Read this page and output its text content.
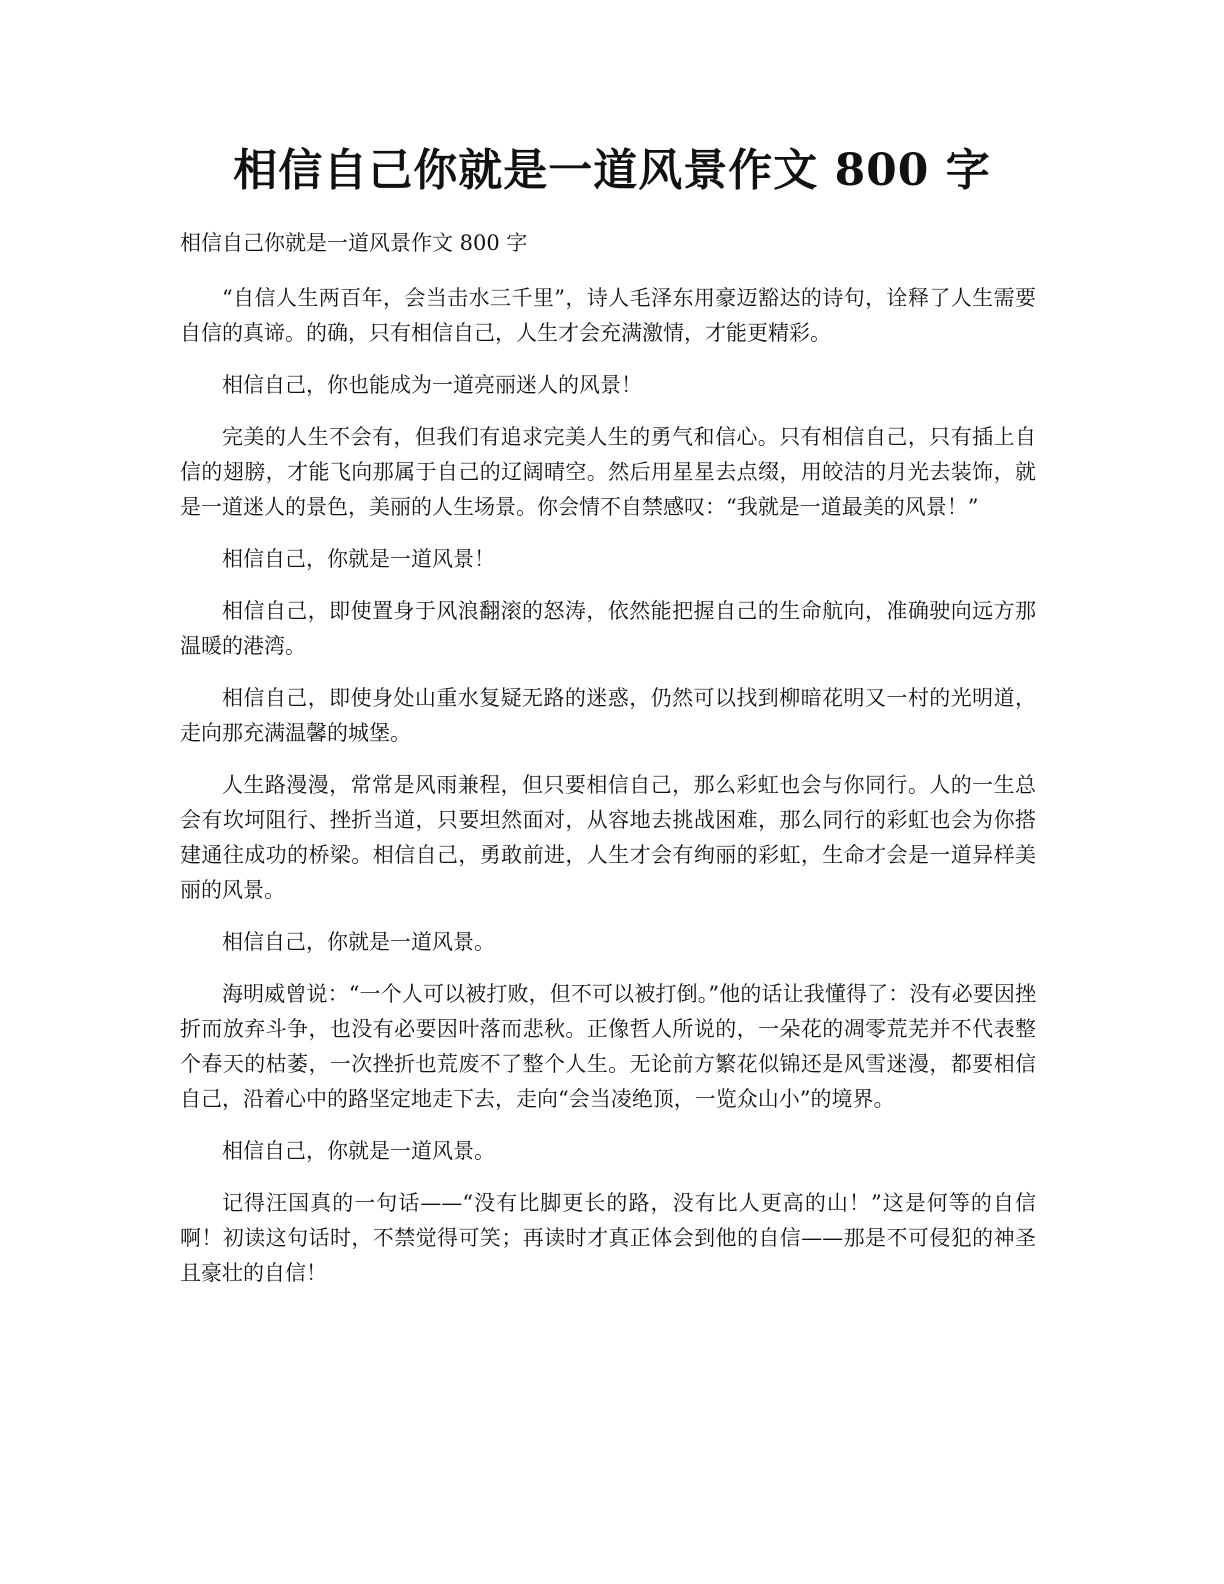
相信自己你就是一道风景作文 800 字

相信自己你就是一道风景作文 800 字

“自信人生两百年，会当击水三千里”，诗人毛泽东用豪迈豁达的诗句，诠释了人生需要自信的真谛。的确，只有相信自己，人生才会充满激情，才能更精彩。

相信自己，你也能成为一道亮丽迷人的风景！

完美的人生不会有，但我们有追求完美人生的勇气和信心。只有相信自己，只有插上自信的翅膀，才能飞向那属于自己的辽阔晴空。然后用星星去点缀，用皎洁的月光去装饰，就是一道迷人的景色，美丽的人生场景。你会情不自禁感叹：“我就是一道最美的风景！”

相信自己，你就是一道风景！

相信自己，即使置身于风浪翻滚的怒涛，依然能把握自己的生命航向，准确驶向远方那温暖的港湾。

相信自己，即使身处山重水复疑无路的迷惑，仍然可以找到柳暗花明又一村的光明道，走向那充满温馨的城堡。

人生路漫漫，常常是风雨兼程，但只要相信自己，那么彩虹也会与你同行。人的一生总会有坎坷阻行、挫折当道，只要坦然面对，从容地去挑战困难，那么同行的彩虹也会为你搭建通往成功的桥梁。相信自己，勇敢前进，人生才会有绚丽的彩虹，生命才会是一道异样美丽的风景。

相信自己，你就是一道风景。

海明威曾说：“一个人可以被打败，但不可以被打倒。”他的话让我懂得了：没有必要因挫折而放弃斗争，也没有必要因叶落而悲秋。正像哲人所说的，一朵花的凋零荒芜并不代表整个春天的枯萎，一次挫折也荒废不了整个人生。无论前方繁花似锦还是风雪迷漫，都要相信自己，沿着心中的路坚定地走下去，走向“会当凌绝顶，一览众山小”的境界。

相信自己，你就是一道风景。

记得汪国真的一句话——“没有比脚更长的路，没有比人更高的山！”这是何等的自信啊！初读这句话时，不禁觉得可笑；再读时才真正体会到他的自信——那是不可侵犯的神圣且豪壮的自信！
